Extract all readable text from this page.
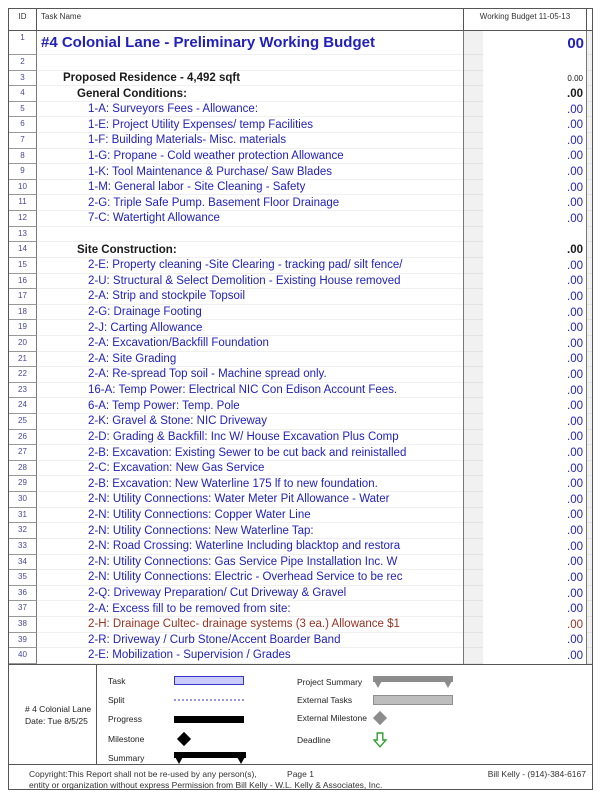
ID	Task Name	Working Budget 11-05-13
1	#4 Colonial Lane - Preliminary Working Budget	00
2
3	Proposed Residence - 4,492 sqft	0.00
4	General Conditions:	.00
5	1-A: Surveyors Fees - Allowance:	.00
6	1-E: Project Utility Expenses/ temp Facilities	.00
7	1-F: Building Materials- Misc. materials	.00
8	1-G: Propane - Cold weather protection Allowance	.00
9	1-K: Tool Maintenance & Purchase/ Saw Blades	.00
10	1-M: General labor - Site Cleaning - Safety	.00
11	2-G: Triple Safe Pump. Basement Floor Drainage	.00
12	7-C: Watertight Allowance	.00
13
14	Site Construction:	.00
15	2-E: Property cleaning -Site Clearing - tracking pad/ silt fence/	.00
16	2-U: Structural & Select Demolition - Existing House removed	.00
17	2-A: Strip and stockpile Topsoil	.00
18	2-G: Drainage Footing	.00
19	2-J: Carting Allowance	.00
20	2-A: Excavation/Backfill Foundation	.00
21	2-A: Site Grading	.00
22	2-A: Re-spread Top soil - Machine spread only.	.00
23	16-A: Temp Power: Electrical NIC Con Edison Account Fees.	.00
24	6-A: Temp Power: Temp. Pole	.00
25	2-K: Gravel & Stone: NIC Driveway	.00
26	2-D: Grading & Backfill: Inc W/ House Excavation Plus Comp	.00
27	2-B: Excavation: Existing Sewer to be cut back and reinistalled	.00
28	2-C: Excavation: New Gas Service	.00
29	2-B: Excavation: New Waterline 175 lf to new foundation.	.00
30	2-N: Utility Connections: Water Meter Pit Allowance - Water	.00
31	2-N: Utility Connections: Copper Water Line	.00
32	2-N: Utility Connections: New Waterline Tap:	.00
33	2-N: Road Crossing: Waterline Including blacktop and restora	.00
34	2-N: Utility Connections: Gas Service Pipe Installation Inc. W	.00
35	2-N: Utility Connections: Electric - Overhead Service to be rec	.00
36	2-Q: Driveway Preparation/ Cut Driveway & Gravel	.00
37	2-A: Excess fill to be removed from site:	.00
38	2-H: Drainage Cultec- drainage systems (3 ea.) Allowance $1	.00
39	2-R: Driveway / Curb Stone/Accent Boarder Band	.00
40	2-E: Mobilization - Supervision / Grades	.00
# 4 Colonial Lane
Date: Tue 8/5/25
Task
Split
Progress
Milestone
Summary
Project Summary
External Tasks
External Milestone
Deadline
Copyright:This Report shall not be re-used by any person(s),
entity or organization without express Permission from Bill Kelly - W.L. Kelly & Associates, Inc.
Page 1	Bill Kelly - (914)-384-6167
